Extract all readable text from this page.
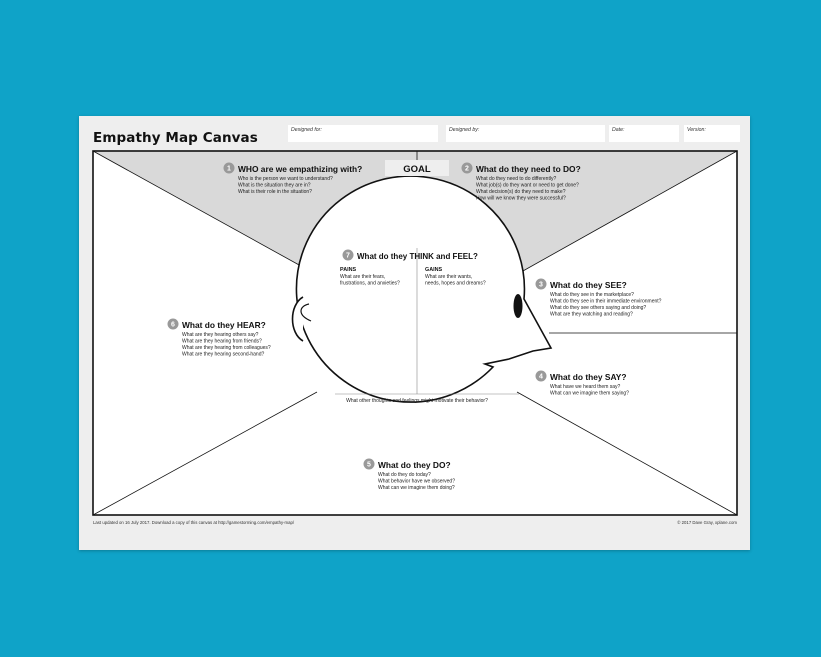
Empathy Map Canvas	Designed for:	Designed by:	Date:	Version:
GOAL
1 WHO are we empathizing with?
Who is the person we want to understand?
What is the situation they are in?
What is their role in the situation?
2 What do they need to DO?
What do they need to do differently?
What job(s) do they want or need to get done?
What decision(s) do they need to make?
How will we know they were successful?
7 What do they THINK and FEEL?
PAINS
What are their fears,
frustrations, and anxieties?
GAINS
What are their wants,
needs, hopes and dreams?
What other thoughts and feelings might motivate their behavior?
3 What do they SEE?
What do they see in the marketplace?
What do they see in their immediate environment?
What do they see others saying and doing?
What are they watching and reading?
6 What do they HEAR?
What are they hearing others say?
What are they hearing from friends?
What are they hearing from colleagues?
What are they hearing second-hand?
4 What do they SAY?
What have we heard them say?
What can we imagine them saying?
5 What do they DO?
What do they do today?
What behavior have we observed?
What can we imagine them doing?
Last updated on 16 July 2017. Download a copy of this canvas at http://gamestorming.com/empathy-map/	© 2017 Dave Gray, xplane.com
